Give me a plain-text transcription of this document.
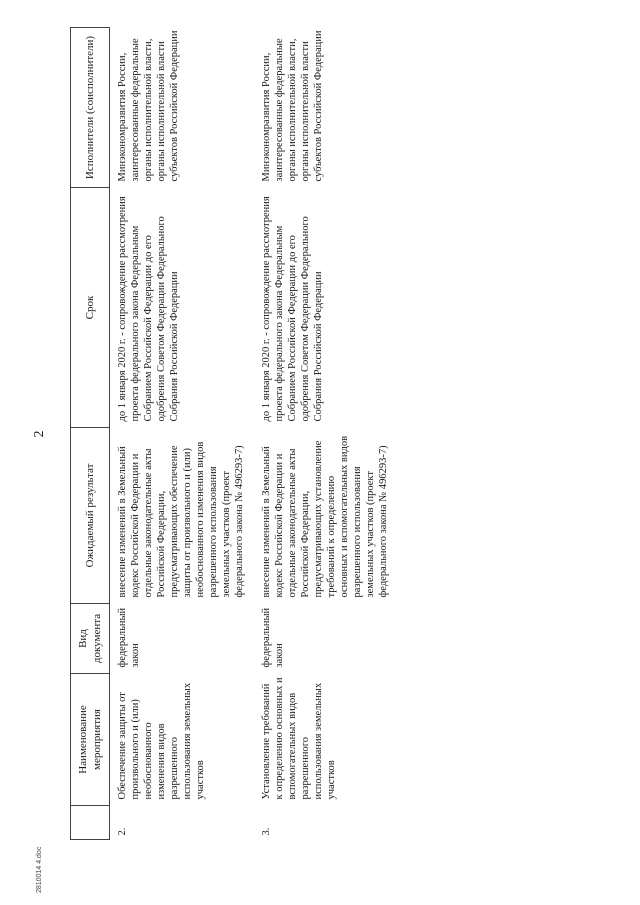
2
	Наименование мероприятия	Вид документа	Ожидаемый результат	Срок	Исполнители (соисполнители)
2.	Обеспечение защиты от произвольного и (или) необоснованного изменения видов разрешенного использования земельных участков	федеральный закон	внесение изменений в Земельный кодекс Российской Федерации и отдельные законодательные акты Российской Федерации, предусматривающих обеспечение защиты от произвольного и (или) необоснованного изменения видов разрешенного использования земельных участков (проект федерального закона № 496293-7)	до 1 января 2020 г. - сопровождение рассмотрения проекта федерального закона Федеральным Собранием Российской Федерации до его одобрения Советом Федерации Федерального Собрания Российской Федерации	Минэкономразвития России, заинтересованные федеральные органы исполнительной власти, органы исполнительной власти субъектов Российской Федерации
3.	Установление требований к определению основных и вспомогательных видов разрешенного использования земельных участков	федеральный закон	внесение изменений в Земельный кодекс Российской Федерации и отдельные законодательные акты Российской Федерации, предусматривающих установление требований к определению основных и вспомогательных видов разрешенного использования земельных участков (проект федерального закона № 496293-7)	до 1 января 2020 г. - сопровождение рассмотрения проекта федерального закона Федеральным Собранием Российской Федерации до его одобрения Советом Федерации Федерального Собрания Российской Федерации	Минэкономразвития России, заинтересованные федеральные органы исполнительной власти, органы исполнительной власти субъектов Российской Федерации
2810014 4.doc
